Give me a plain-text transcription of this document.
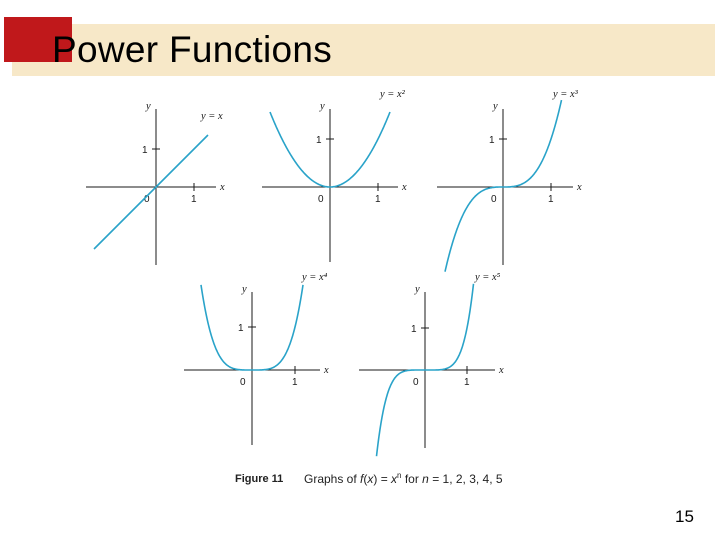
Power Functions
y
x
1
1
0
y = x
y
x
1
1
0
y = x²
y
x
1
1
0
y = x³
y
x
1
1
0
y = x⁴
y
x
1
1
0
y = x⁵
Figure 11 Graphs of $f(x) = x^n$ for n = 1, 2, 3, 4, 5
15
